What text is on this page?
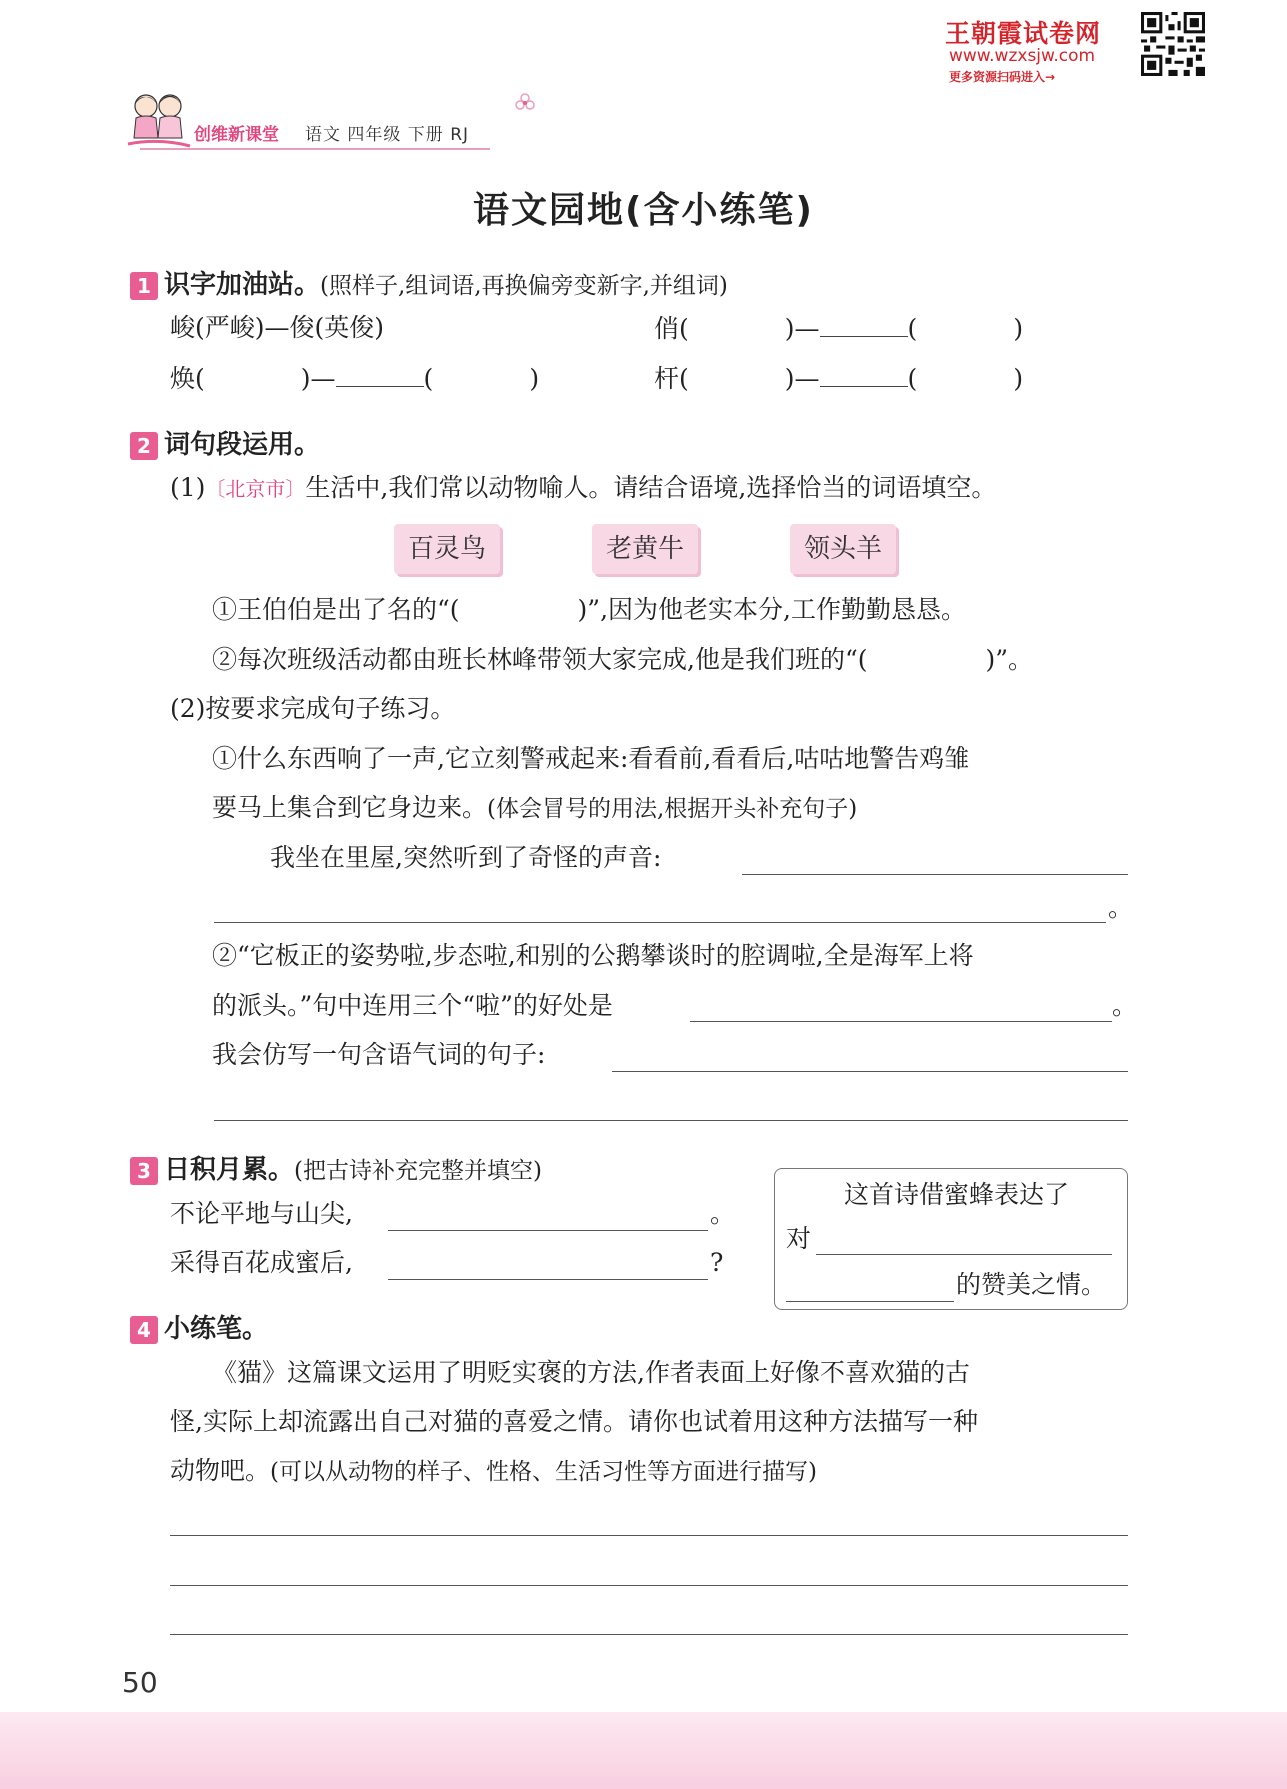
王朝霞试卷网
www.wzxsjw.com
更多资源扫码进入→
创维新课堂 语文 四年级 下册 RJ
语文园地(含小练笔)
1 识字加油站。(照样子,组词语,再换偏旁变新字,并组词)
峻(严峻)—俊(英俊)	俏(	)—	(	)
焕(	)—	(	)	杆(	)—	(	)
2 词句段运用。
(1)〔北京市〕生活中,我们常以动物喻人。请结合语境,选择恰当的词语填空。
百灵鸟	老黄牛	领头羊
①王伯伯是出了名的“(	)”,因为他老实本分,工作勤勤恳恳。
②每次班级活动都由班长林峰带领大家完成,他是我们班的“(	)”。
(2)按要求完成句子练习。
①什么东西响了一声,它立刻警戒起来:看看前,看看后,咕咕地警告鸡雏
要马上集合到它身边来。(体会冒号的用法,根据开头补充句子)
我坐在里屋,突然听到了奇怪的声音:
。
②“它板正的姿势啦,步态啦,和别的公鹅攀谈时的腔调啦,全是海军上将
的派头。”句中连用三个“啦”的好处是	。
我会仿写一句含语气词的句子:
3 日积月累。(把古诗补充完整并填空)
不论平地与山尖,	。
采得百花成蜜后,	?
这首诗借蜜蜂表达了
对
的赞美之情。
4 小练笔。
《猫》这篇课文运用了明贬实褒的方法,作者表面上好像不喜欢猫的古
怪,实际上却流露出自己对猫的喜爱之情。请你也试着用这种方法描写一种
动物吧。(可以从动物的样子、性格、生活习性等方面进行描写)
50
